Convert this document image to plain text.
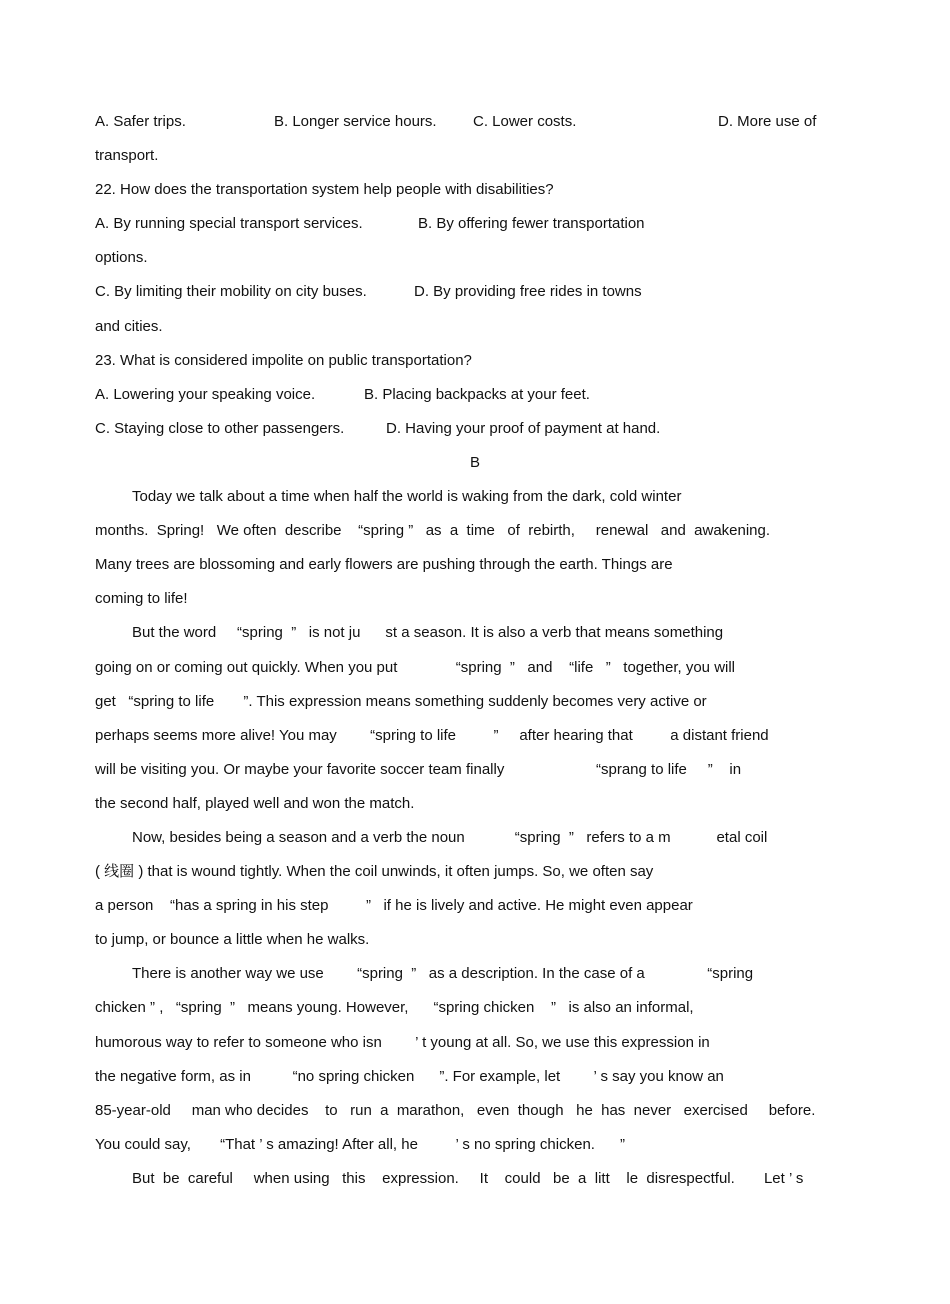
A. Safer trips.	B. Longer service hours. C. Lower costs.	D. More use of
transport.
22. How does the transportation system help people with disabilities?
A. By running special transport services.	B. By offering fewer transportation
options.
C. By limiting their mobility on city buses.	D. By providing free rides in towns
and cities.
23. What is considered impolite on public transportation?
A. Lowering your speaking voice.	B. Placing backpacks at your feet.
C. Staying close to other passengers.	D. Having your proof of payment at hand.
B
Today we talk about a time when half the world is waking from the dark, cold winter
months.  Spring!   We often  describe    “spring ”   as  a  time   of  rebirth,     renewal   and  awakening.
Many trees are blossoming and early flowers are pushing through the earth. Things are
coming to life!
But the word     “spring  ”   is not ju      st a season. It is also a verb that means something
going on or coming out quickly. When you put              “spring  ”   and    “life   ”   together, you will
get   “spring to life       ”. This expression means something suddenly becomes very active or
perhaps seems more alive! You may        “spring to life         ”     after hearing that         a distant friend
will be visiting you. Or maybe your favorite soccer team finally                      “sprang to life     ”    in
the second half, played well and won the match.
Now, besides being a season and a verb the noun            “spring  ”   refers to a m           etal coil
( 线圈 ) that is wound tightly. When the coil unwinds, it often jumps. So, we often say
a person    “has a spring in his step         ”   if he is lively and active. He might even appear
to jump, or bounce a little when he walks.
There is another way we use        “spring  ”   as a description. In the case of a               “spring
chicken ” ,   “spring  ”   means young. However,      “spring chicken    ”   is also an informal,
humorous way to refer to someone who isn        ’ t young at all. So, we use this expression in
the negative form, as in          “no spring chicken      ”. For example, let        ’ s say you know an
85-year-old     man who decides    to   run  a  marathon,   even  though   he  has  never   exercised     before.
You could say,       “That ’ s amazing! After all, he         ’ s no spring chicken.      ”
But  be  careful     when using   this    expression.     It    could   be  a  litt    le  disrespectful.       Let ’ s
